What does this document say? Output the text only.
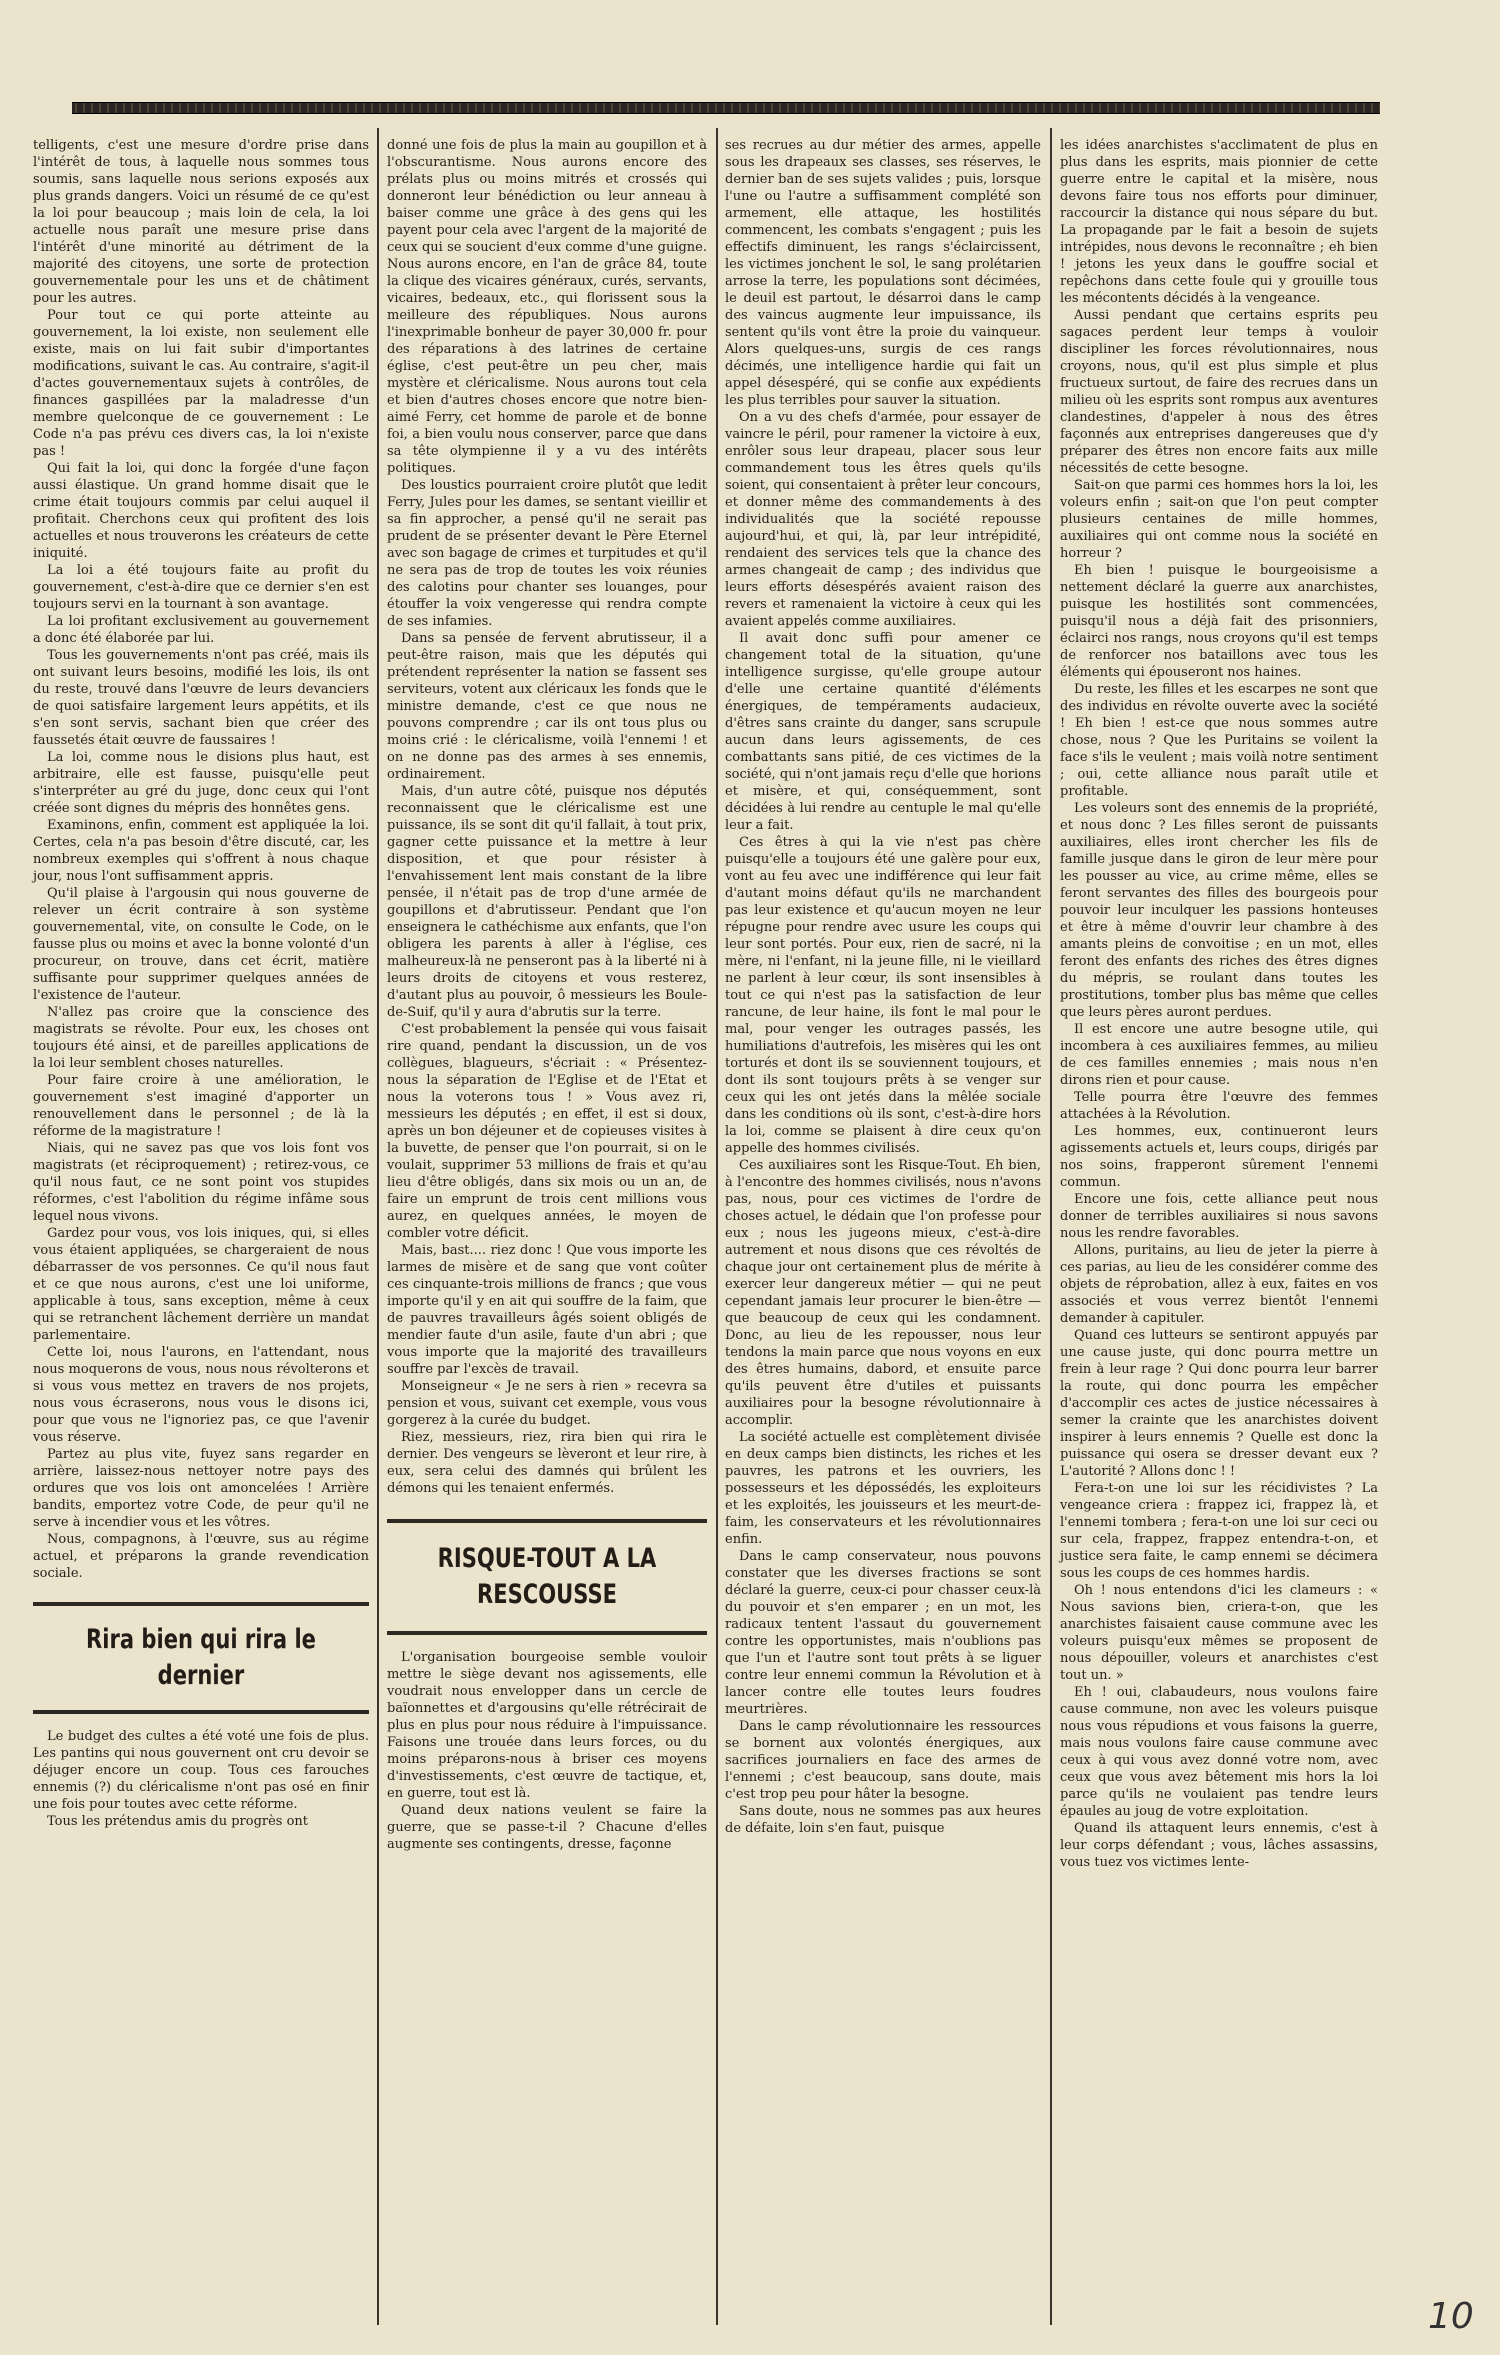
telligents, c'est une mesure d'ordre prise dans l'intérêt de tous, à laquelle nous sommes tous soumis, sans laquelle nous serions exposés aux plus grands dangers. Voici un résumé de ce qu'est la loi pour beaucoup ; mais loin de cela, la loi actuelle nous paraît une mesure prise dans l'intérêt d'une minorité au détriment de la majorité des citoyens, une sorte de protection gouvernementale pour les uns et de châtiment pour les autres.

Pour tout ce qui porte atteinte au gouvernement, la loi existe, non seulement elle existe, mais on lui fait subir d'importantes modifications, suivant le cas. Au contraire, s'agit-il d'actes gouvernementaux sujets à contrôles, de finances gaspillées par la maladresse d'un membre quelconque de ce gouvernement : Le Code n'a pas prévu ces divers cas, la loi n'existe pas !

Qui fait la loi, qui donc la forgée d'une façon aussi élastique. Un grand homme disait que le crime était toujours commis par celui auquel il profitait. Cherchons ceux qui profitent des lois actuelles et nous trouverons les créateurs de cette iniquité.

La loi a été toujours faite au profit du gouvernement, c'est-à-dire que ce dernier s'en est toujours servi en la tournant à son avantage.

La loi profitant exclusivement au gouvernement a donc été élaborée par lui.

Tous les gouvernements n'ont pas créé, mais ils ont suivant leurs besoins, modifié les lois, ils ont du reste, trouvé dans l'œuvre de leurs devanciers de quoi satisfaire largement leurs appétits, et ils s'en sont servis, sachant bien que créer des faussetés était œuvre de faussaires !

La loi, comme nous le disions plus haut, est arbitraire, elle est fausse, puisqu'elle peut s'interpréter au gré du juge, donc ceux qui l'ont créée sont dignes du mépris des honnêtes gens.

Examinons, enfin, comment est appliquée la loi. Certes, cela n'a pas besoin d'être discuté, car, les nombreux exemples qui s'offrent à nous chaque jour, nous l'ont suffisamment appris.

Qu'il plaise à l'argousin qui nous gouverne de relever un écrit contraire à son système gouvernemental, vite, on consulte le Code, on le fausse plus ou moins et avec la bonne volonté d'un procureur, on trouve, dans cet écrit, matière suffisante pour supprimer quelques années de l'existence de l'auteur.

N'allez pas croire que la conscience des magistrats se révolte. Pour eux, les choses ont toujours été ainsi, et de pareilles applications de la loi leur semblent choses naturelles.

Pour faire croire à une amélioration, le gouvernement s'est imaginé d'apporter un renouvellement dans le personnel ; de là la réforme de la magistrature !

Niais, qui ne savez pas que vos lois font vos magistrats (et réciproquement) ; retirez-vous, ce qu'il nous faut, ce ne sont point vos stupides réformes, c'est l'abolition du régime infâme sous lequel nous vivons.

Gardez pour vous, vos lois iniques, qui, si elles vous étaient appliquées, se chargeraient de nous débarrasser de vos personnes. Ce qu'il nous faut et ce que nous aurons, c'est une loi uniforme, applicable à tous, sans exception, même à ceux qui se retranchent lâchement derrière un mandat parlementaire.

Cette loi, nous l'aurons, en l'attendant, nous nous moquerons de vous, nous nous révolterons et si vous vous mettez en travers de nos projets, nous vous écraserons, nous vous le disons ici, pour que vous ne l'ignoriez pas, ce que l'avenir vous réserve.

Partez au plus vite, fuyez sans regarder en arrière, laissez-nous nettoyer notre pays des ordures que vos lois ont amoncelées ! Arrière bandits, emportez votre Code, de peur qu'il ne serve à incendier vous et les vôtres.

Nous, compagnons, à l'œuvre, sus au régime actuel, et préparons la grande revendication sociale.

Rira bien qui rira le dernier

Le budget des cultes a été voté une fois de plus. Les pantins qui nous gouvernent ont cru devoir se déjuger encore un coup. Tous ces farouches ennemis (?) du cléricalisme n'ont pas osé en finir une fois pour toutes avec cette réforme.

Tous les prétendus amis du progrès ont

donné une fois de plus la main au goupillon et à l'obscurantisme. Nous aurons encore des prélats plus ou moins mitrés et crossés qui donneront leur bénédiction ou leur anneau à baiser comme une grâce à des gens qui les payent pour cela avec l'argent de la majorité de ceux qui se soucient d'eux comme d'une guigne. Nous aurons encore, en l'an de grâce 84, toute la clique des vicaires généraux, curés, servants, vicaires, bedeaux, etc., qui florissent sous la meilleure des républiques. Nous aurons l'inexprimable bonheur de payer 30,000 fr. pour des réparations à des latrines de certaine église, c'est peut-être un peu cher, mais mystère et cléricalisme. Nous aurons tout cela et bien d'autres choses encore que notre bien-aimé Ferry, cet homme de parole et de bonne foi, a bien voulu nous conserver, parce que dans sa tête olympienne il y a vu des intérêts politiques.

Des loustics pourraient croire plutôt que ledit Ferry, Jules pour les dames, se sentant vieillir et sa fin approcher, a pensé qu'il ne serait pas prudent de se présenter devant le Père Eternel avec son bagage de crimes et turpitudes et qu'il ne sera pas de trop de toutes les voix réunies des calotins pour chanter ses louanges, pour étouffer la voix vengeresse qui rendra compte de ses infamies.

Dans sa pensée de fervent abrutisseur, il a peut-être raison, mais que les députés qui prétendent représenter la nation se fassent ses serviteurs, votent aux cléricaux les fonds que le ministre demande, c'est ce que nous ne pouvons comprendre ; car ils ont tous plus ou moins crié : le cléricalisme, voilà l'ennemi ! et on ne donne pas des armes à ses ennemis, ordinairement.

Mais, d'un autre côté, puisque nos députés reconnaissent que le cléricalisme est une puissance, ils se sont dit qu'il fallait, à tout prix, gagner cette puissance et la mettre à leur disposition, et que pour résister à l'envahissement lent mais constant de la libre pensée, il n'était pas de trop d'une armée de goupillons et d'abrutisseur. Pendant que l'on enseignera le cathéchisme aux enfants, que l'on obligera les parents à aller à l'église, ces malheureux-là ne penseront pas à la liberté ni à leurs droits de citoyens et vous resterez, d'autant plus au pouvoir, ô messieurs les Boule-de-Suif, qu'il y aura d'abrutis sur la terre.

C'est probablement la pensée qui vous faisait rire quand, pendant la discussion, un de vos collègues, blagueurs, s'écriait : « Présentez-nous la séparation de l'Eglise et de l'Etat et nous la voterons tous ! » Vous avez ri, messieurs les députés ; en effet, il est si doux, après un bon déjeuner et de copieuses visites à la buvette, de penser que l'on pourrait, si on le voulait, supprimer 53 millions de frais et qu'au lieu d'être obligés, dans six mois ou un an, de faire un emprunt de trois cent millions vous aurez, en quelques années, le moyen de combler votre déficit.

Mais, bast.... riez donc ! Que vous importe les larmes de misère et de sang que vont coûter ces cinquante-trois millions de francs ; que vous importe qu'il y en ait qui souffre de la faim, que de pauvres travailleurs âgés soient obligés de mendier faute d'un asile, faute d'un abri ; que vous importe que la majorité des travailleurs souffre par l'excès de travail.

Monseigneur « Je ne sers à rien » recevra sa pension et vous, suivant cet exemple, vous vous gorgerez à la curée du budget.

Riez, messieurs, riez, rira bien qui rira le dernier. Des vengeurs se lèveront et leur rire, à eux, sera celui des damnés qui brûlent les démons qui les tenaient enfermés.

RISQUE-TOUT A LA RESCOUSSE

L'organisation bourgeoise semble vouloir mettre le siège devant nos agissements, elle voudrait nous envelopper dans un cercle de baïonnettes et d'argousins qu'elle rétrécirait de plus en plus pour nous réduire à l'impuissance. Faisons une trouée dans leurs forces, ou du moins préparons-nous à briser ces moyens d'investissements, c'est œuvre de tactique, et, en guerre, tout est là.

Quand deux nations veulent se faire la guerre, que se passe-t-il ? Chacune d'elles augmente ses contingents, dresse, façonne

ses recrues au dur métier des armes, appelle sous les drapeaux ses classes, ses réserves, le dernier ban de ses sujets valides ; puis, lorsque l'une ou l'autre a suffisamment complété son armement, elle attaque, les hostilités commencent, les combats s'engagent ; puis les effectifs diminuent, les rangs s'éclaircissent, les victimes jonchent le sol, le sang prolétarien arrose la terre, les populations sont décimées, le deuil est partout, le désarroi dans le camp des vaincus augmente leur impuissance, ils sentent qu'ils vont être la proie du vainqueur. Alors quelques-uns, surgis de ces rangs décimés, une intelligence hardie qui fait un appel désespéré, qui se confie aux expédients les plus terribles pour sauver la situation.

On a vu des chefs d'armée, pour essayer de vaincre le péril, pour ramener la victoire à eux, enrôler sous leur drapeau, placer sous leur commandement tous les êtres quels qu'ils soient, qui consentaient à prêter leur concours, et donner même des commandements à des individualités que la société repousse aujourd'hui, et qui, là, par leur intrépidité, rendaient des services tels que la chance des armes changeait de camp ; des individus que leurs efforts désespérés avaient raison des revers et ramenaient la victoire à ceux qui les avaient appelés comme auxiliaires.

Il avait donc suffi pour amener ce changement total de la situation, qu'une intelligence surgisse, qu'elle groupe autour d'elle une certaine quantité d'éléments énergiques, de tempéraments audacieux, d'êtres sans crainte du danger, sans scrupule aucun dans leurs agissements, de ces combattants sans pitié, de ces victimes de la société, qui n'ont jamais reçu d'elle que horions et misère, et qui, conséquemment, sont décidées à lui rendre au centuple le mal qu'elle leur a fait.

Ces êtres à qui la vie n'est pas chère puisqu'elle a toujours été une galère pour eux, vont au feu avec une indifférence qui leur fait d'autant moins défaut qu'ils ne marchandent pas leur existence et qu'aucun moyen ne leur répugne pour rendre avec usure les coups qui leur sont portés. Pour eux, rien de sacré, ni la mère, ni l'enfant, ni la jeune fille, ni le vieillard ne parlent à leur cœur, ils sont insensibles à tout ce qui n'est pas la satisfaction de leur rancune, de leur haine, ils font le mal pour le mal, pour venger les outrages passés, les humiliations d'autrefois, les misères qui les ont torturés et dont ils se souviennent toujours, et dont ils sont toujours prêts à se venger sur ceux qui les ont jetés dans la mêlée sociale dans les conditions où ils sont, c'est-à-dire hors la loi, comme se plaisent à dire ceux qu'on appelle des hommes civilisés.

Ces auxiliaires sont les Risque-Tout. Eh bien, à l'encontre des hommes civilisés, nous n'avons pas, nous, pour ces victimes de l'ordre de choses actuel, le dédain que l'on professe pour eux ; nous les jugeons mieux, c'est-à-dire autrement et nous disons que ces révoltés de chaque jour ont certainement plus de mérite à exercer leur dangereux métier — qui ne peut cependant jamais leur procurer le bien-être — que beaucoup de ceux qui les condamnent. Donc, au lieu de les repousser, nous leur tendons la main parce que nous voyons en eux des êtres humains, dabord, et ensuite parce qu'ils peuvent être d'utiles et puissants auxiliaires pour la besogne révolutionnaire à accomplir.

La société actuelle est complètement divisée en deux camps bien distincts, les riches et les pauvres, les patrons et les ouvriers, les possesseurs et les dépossédés, les exploiteurs et les exploités, les jouisseurs et les meurt-de-faim, les conservateurs et les révolutionnaires enfin.

Dans le camp conservateur, nous pouvons constater que les diverses fractions se sont déclaré la guerre, ceux-ci pour chasser ceux-là du pouvoir et s'en emparer ; en un mot, les radicaux tentent l'assaut du gouvernement contre les opportunistes, mais n'oublions pas que l'un et l'autre sont tout prêts à se liguer contre leur ennemi commun la Révolution et à lancer contre elle toutes leurs foudres meurtrières.

Dans le camp révolutionnaire les ressources se bornent aux volontés énergiques, aux sacrifices journaliers en face des armes de l'ennemi ; c'est beaucoup, sans doute, mais c'est trop peu pour hâter la besogne.

Sans doute, nous ne sommes pas aux heures de défaite, loin s'en faut, puisque

les idées anarchistes s'acclimatent de plus en plus dans les esprits, mais pionnier de cette guerre entre le capital et la misère, nous devons faire tous nos efforts pour diminuer, raccourcir la distance qui nous sépare du but. La propagande par le fait a besoin de sujets intrépides, nous devons le reconnaître ; eh bien ! jetons les yeux dans le gouffre social et repêchons dans cette foule qui y grouille tous les mécontents décidés à la vengeance.

Aussi pendant que certains esprits peu sagaces perdent leur temps à vouloir discipliner les forces révolutionnaires, nous croyons, nous, qu'il est plus simple et plus fructueux surtout, de faire des recrues dans un milieu où les esprits sont rompus aux aventures clandestines, d'appeler à nous des êtres façonnés aux entreprises dangereuses que d'y préparer des êtres non encore faits aux mille nécessités de cette besogne.

Sait-on que parmi ces hommes hors la loi, les voleurs enfin ; sait-on que l'on peut compter plusieurs centaines de mille hommes, auxiliaires qui ont comme nous la société en horreur ?

Eh bien ! puisque le bourgeoisisme a nettement déclaré la guerre aux anarchistes, puisque les hostilités sont commencées, puisqu'il nous a déjà fait des prisonniers, éclairci nos rangs, nous croyons qu'il est temps de renforcer nos bataillons avec tous les éléments qui épouseront nos haines.

Du reste, les filles et les escarpes ne sont que des individus en révolte ouverte avec la société ! Eh bien ! est-ce que nous sommes autre chose, nous ? Que les Puritains se voilent la face s'ils le veulent ; mais voilà notre sentiment ; oui, cette alliance nous paraît utile et profitable.

Les voleurs sont des ennemis de la propriété, et nous donc ? Les filles seront de puissants auxiliaires, elles iront chercher les fils de famille jusque dans le giron de leur mère pour les pousser au vice, au crime même, elles se feront servantes des filles des bourgeois pour pouvoir leur inculquer les passions honteuses et être à même d'ouvrir leur chambre à des amants pleins de convoitise ; en un mot, elles feront des enfants des riches des êtres dignes du mépris, se roulant dans toutes les prostitutions, tomber plus bas même que celles que leurs pères auront perdues.

Il est encore une autre besogne utile, qui incombera à ces auxiliaires femmes, au milieu de ces familles ennemies ; mais nous n'en dirons rien et pour cause.

Telle pourra être l'œuvre des femmes attachées à la Révolution.

Les hommes, eux, continueront leurs agissements actuels et, leurs coups, dirigés par nos soins, frapperont sûrement l'ennemi commun.

Encore une fois, cette alliance peut nous donner de terribles auxiliaires si nous savons nous les rendre favorables.

Allons, puritains, au lieu de jeter la pierre à ces parias, au lieu de les considérer comme des objets de réprobation, allez à eux, faites en vos associés et vous verrez bientôt l'ennemi demander à capituler.

Quand ces lutteurs se sentiront appuyés par une cause juste, qui donc pourra mettre un frein à leur rage ? Qui donc pourra leur barrer la route, qui donc pourra les empêcher d'accomplir ces actes de justice nécessaires à semer la crainte que les anarchistes doivent inspirer à leurs ennemis ? Quelle est donc la puissance qui osera se dresser devant eux ? L'autorité ? Allons donc ! !

Fera-t-on une loi sur les récidivistes ? La vengeance criera : frappez ici, frappez là, et l'ennemi tombera ; fera-t-on une loi sur ceci ou sur cela, frappez, frappez entendra-t-on, et justice sera faite, le camp ennemi se décimera sous les coups de ces hommes hardis.

Oh ! nous entendons d'ici les clameurs : « Nous savions bien, criera-t-on, que les anarchistes faisaient cause commune avec les voleurs puisqu'eux mêmes se proposent de nous dépouiller, voleurs et anarchistes c'est tout un. »

Eh ! oui, clabaudeurs, nous voulons faire cause commune, non avec les voleurs puisque nous vous répudions et vous faisons la guerre, mais nous voulons faire cause commune avec ceux à qui vous avez donné votre nom, avec ceux que vous avez bêtement mis hors la loi parce qu'ils ne voulaient pas tendre leurs épaules au joug de votre exploitation.

Quand ils attaquent leurs ennemis, c'est à leur corps défendant ; vous, lâches assassins, vous tuez vos victimes lente-

10
